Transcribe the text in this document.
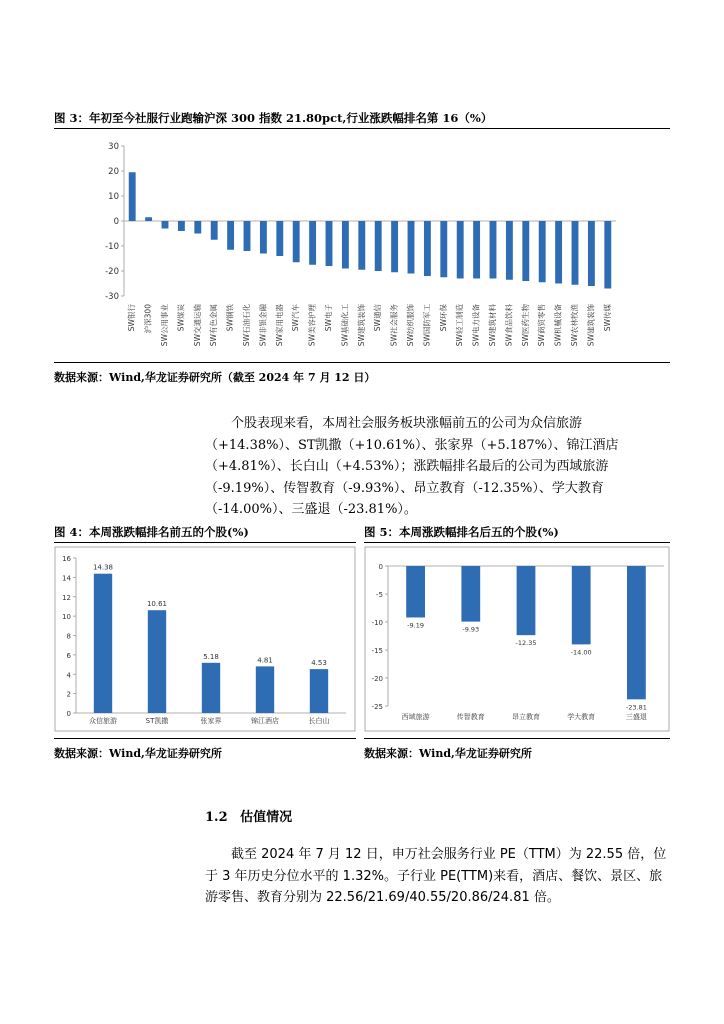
图 3：年初至今社服行业跑输沪深 300 指数 21.80pct,行业涨跌幅排名第 16（%）
30
20
10
0
-10
-20
-30
SW银行 沪深300 SW公用事业 SW煤炭 SW交通运输 SW有色金属 SW钢铁 SW石油石化 SW非银金融 SW家用电器 SW汽车 SW美容护理 SW电子 SW基础化工 SW建筑装饰 SW通信 SW社会服务 SW纺织服饰 SW国防军工 SW环保 SW轻工制造 SW电力设备 SW建筑材料 SW食品饮料 SW医药生物 SW商贸零售 SW机械设备 SW农林牧渔 SW建筑装饰 SW传媒
数据来源：Wind,华龙证券研究所（截至 2024 年 7 月 12 日）
个股表现来看，本周社会服务板块涨幅前五的公司为众信旅游（+14.38%）、ST凯撒（+10.61%）、张家界（+5.187%）、锦江酒店（+4.81%）、长白山（+4.53%）；涨跌幅排名最后的公司为西域旅游（-9.19%）、传智教育（-9.93%）、昂立教育（-12.35%）、学大教育（-14.00%）、三盛退（-23.81%）。
图 4：本周涨跌幅排名前五的个股(%)
16
14
12
10
8
6
4
2
0
14.38
众信旅游
10.61
ST凯撒
5.18
张家界
4.81
锦江酒店
4.53
长白山
数据来源：Wind,华龙证券研究所
图 5：本周涨跌幅排名后五的个股(%)
0
-5
-10
-15
-20
-25
-9.19
西域旅游
-9.93
传智教育
-12.35
昂立教育
-14.00
学大教育
-23.81
三盛退
数据来源：Wind,华龙证券研究所
1.2 估值情况
截至 2024 年 7 月 12 日，申万社会服务行业 PE（TTM）为 22.55 倍，位于 3 年历史分位水平的 1.32%。子行业 PE(TTM)来看，酒店、餐饮、景区、旅游零售、教育分别为 22.56/21.69/40.55/20.86/24.81 倍。
